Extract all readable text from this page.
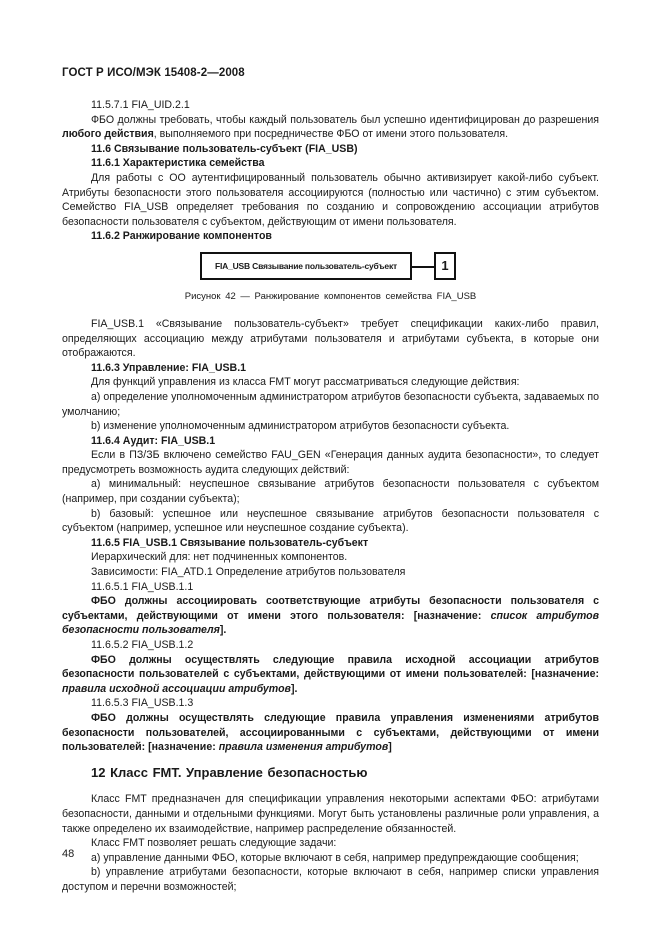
ГОСТ Р ИСО/МЭК 15408-2—2008

11.5.7.1 FIA_UID.2.1

ФБО должны требовать, чтобы каждый пользователь был успешно идентифицирован до разрешения любого действия, выполняемого при посредничестве ФБО от имени этого пользователя.

11.6 Связывание пользователь-субъект (FIA_USB)

11.6.1 Характеристика семейства

Для работы с ОО аутентифицированный пользователь обычно активизирует какой-либо субъект. Атрибуты безопасности этого пользователя ассоциируются (полностью или частично) с этим субъектом. Семейство FIA_USB определяет требования по созданию и сопровождению ассоциации атрибутов безопасности пользователя с субъектом, действующим от имени пользователя.

11.6.2 Ранжирование компонентов

FIA_USB Связывание пользователь-субъект	1
Рисунок 42 — Ранжирование компонентов семейства FIA_USB

FIA_USB.1 «Связывание пользователь-субъект» требует спецификации каких-либо правил, определяющих ассоциацию между атрибутами пользователя и атрибутами субъекта, в которые они отображаются.

11.6.3 Управление: FIA_USB.1

Для функций управления из класса FMT могут рассматриваться следующие действия:

а) определение уполномоченным администратором атрибутов безопасности субъекта, задаваемых по умолчанию;

b) изменение уполномоченным администратором атрибутов безопасности субъекта.

11.6.4 Аудит: FIA_USB.1

Если в ПЗ/ЗБ включено семейство FAU_GEN «Генерация данных аудита безопасности», то следует предусмотреть возможность аудита следующих действий:

а) минимальный: неуспешное связывание атрибутов безопасности пользователя с субъектом (например, при создании субъекта);

b) базовый: успешное или неуспешное связывание атрибутов безопасности пользователя с субъектом (например, успешное или неуспешное создание субъекта).

11.6.5 FIA_USB.1 Связывание пользователь-субъект

Иерархический для: нет подчиненных компонентов.

Зависимости: FIA_ATD.1 Определение атрибутов пользователя

11.6.5.1 FIA_USB.1.1

ФБО должны ассоциировать соответствующие атрибуты безопасности пользователя с субъектами, действующими от имени этого пользователя: [назначение: список атрибутов безопасности пользователя].

11.6.5.2 FIA_USB.1.2

ФБО должны осуществлять следующие правила исходной ассоциации атрибутов безопасности пользователей с субъектами, действующими от имени пользователей: [назначение: правила исходной ассоциации атрибутов].

11.6.5.3 FIA_USB.1.3

ФБО должны осуществлять следующие правила управления изменениями атрибутов безопасности пользователей, ассоциированными с субъектами, действующими от имени пользователей: [назначение: правила изменения атрибутов]

12 Класс FMT. Управление безопасностью

Класс FMT предназначен для спецификации управления некоторыми аспектами ФБО: атрибутами безопасности, данными и отдельными функциями. Могут быть установлены различные роли управления, а также определено их взаимодействие, например распределение обязанностей.

Класс FMT позволяет решать следующие задачи:

а) управление данными ФБО, которые включают в себя, например предупреждающие сообщения;

b) управление атрибутами безопасности, которые включают в себя, например списки управления доступом и перечни возможностей;

48
